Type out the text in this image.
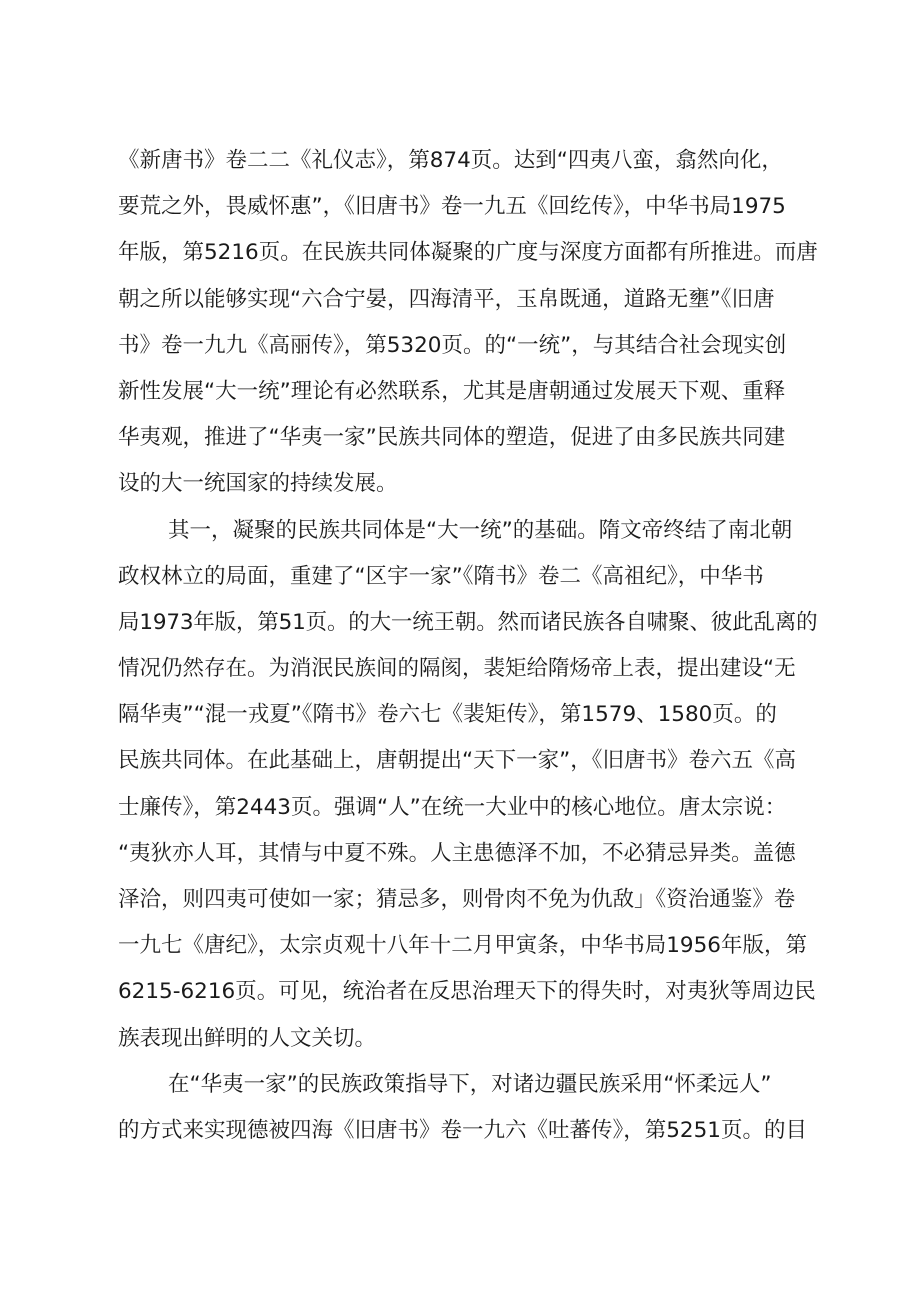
《新唐书》卷二二《礼仪志》，第874页。达到“四夷八蛮，翕然向化，
要荒之外，畏威怀惠”，《旧唐书》卷一九五《回纥传》，中华书局1975
年版，第5216页。在民族共同体凝聚的广度与深度方面都有所推进。而唐
朝之所以能够实现“六合宁晏，四海清平，玉帛既通，道路无壅”《旧唐
书》卷一九九《高丽传》，第5320页。的“一统”，与其结合社会现实创
新性发展“大一统”理论有必然联系，尤其是唐朝通过发展天下观、重释
华夷观，推进了“华夷一家”民族共同体的塑造，促进了由多民族共同建
设的大一统国家的持续发展。
其一，凝聚的民族共同体是“大一统”的基础。隋文帝终结了南北朝
政权林立的局面，重建了“区宇一家”《隋书》卷二《高祖纪》，中华书
局1973年版，第51页。的大一统王朝。然而诸民族各自啸聚、彼此乱离的
情况仍然存在。为消泯民族间的隔阂，裴矩给隋炀帝上表，提出建设“无
隔华夷”“混一戎夏”《隋书》卷六七《裴矩传》，第1579、1580页。的
民族共同体。在此基础上，唐朝提出“天下一家”，《旧唐书》卷六五《高
士廉传》，第2443页。强调“人”在统一大业中的核心地位。唐太宗说：
“夷狄亦人耳，其情与中夏不殊。人主患德泽不加，不必猜忌异类。盖德
泽洽，则四夷可使如一家；猜忌多，则骨肉不免为仇敌」《资治通鉴》卷
一九七《唐纪》，太宗贞观十八年十二月甲寅条，中华书局1956年版，第
6215-6216页。可见，统治者在反思治理天下的得失时，对夷狄等周边民
族表现出鲜明的人文关切。
在“华夷一家”的民族政策指导下，对诸边疆民族采用“怀柔远人”
的方式来实现德被四海《旧唐书》卷一九六《吐蕃传》，第5251页。的目
